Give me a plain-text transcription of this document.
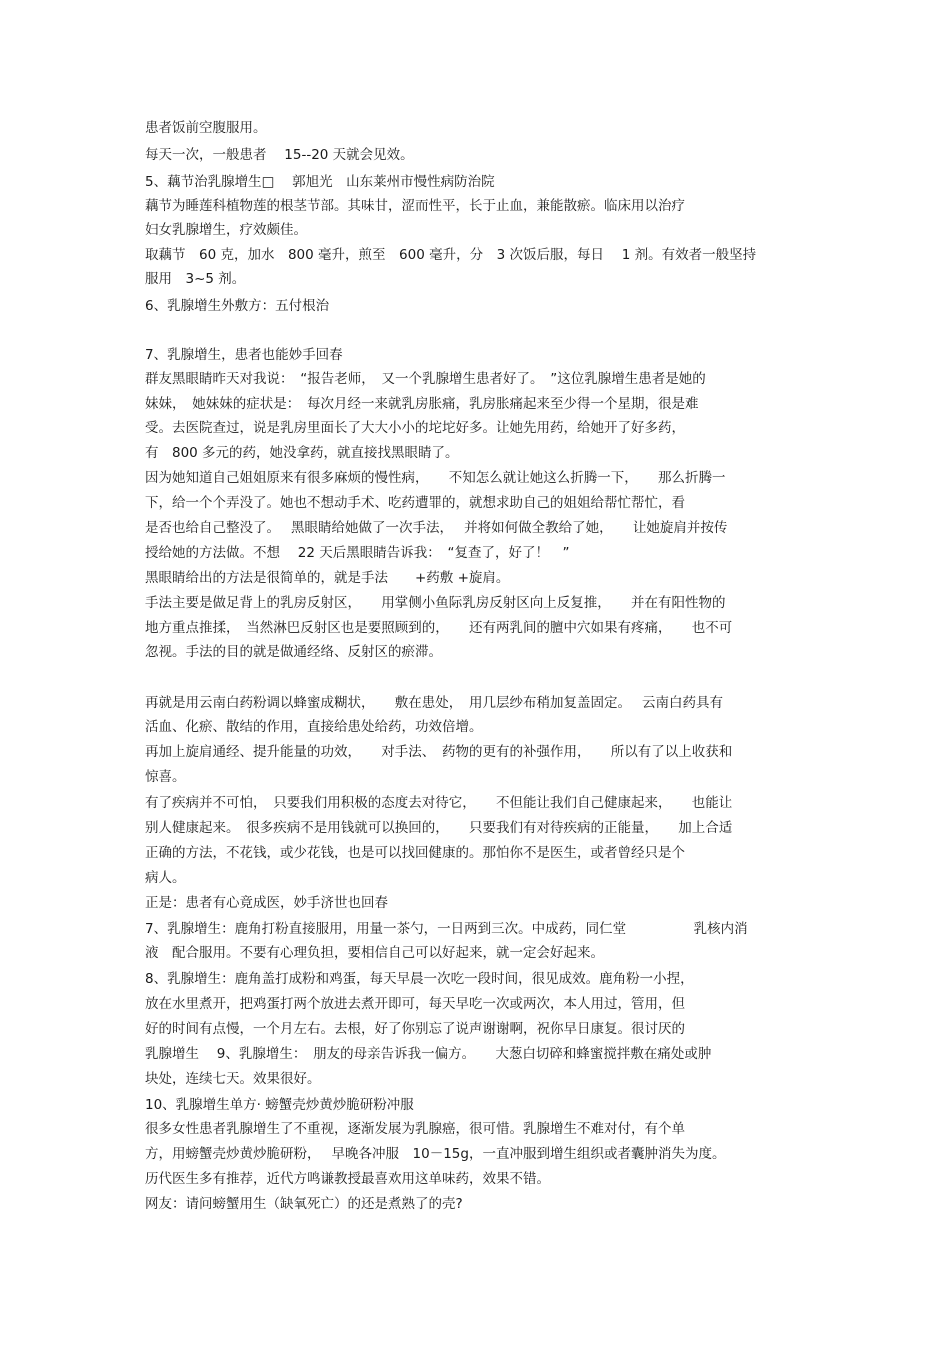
患者饭前空腹服用。
每天一次，一般患者　 15--20 天就会见效。
5、藕节治乳腺增生□　 郭旭光　山东莱州市慢性病防治院
藕节为睡莲科植物莲的根茎节部。其味甘，涩而性平，长于止血，兼能散瘀。临床用以治疗
妇女乳腺增生，疗效颇佳。
取藕节　60 克，加水　800 毫升，煎至　600 毫升，分　3 次饭后服，每日　 1 剂。有效者一般坚持
服用　3~5 剂。
6、乳腺增生外敷方：五付根治
7、乳腺增生，患者也能妙手回春
群友黑眼睛昨天对我说：　“报告老师，　又一个乳腺增生患者好了。　”这位乳腺增生患者是她的
妹妹，　她妹妹的症状是：　每次月经一来就乳房胀痛，乳房胀痛起来至少得一个星期，很是难
受。去医院查过，说是乳房里面长了大大小小的坨坨好多。让她先用药，给她开了好多药，
有　800 多元的药，她没拿药，就直接找黑眼睛了。
因为她知道自己姐姐原来有很多麻烦的慢性病，　　不知怎么就让她这么折腾一下，　　那么折腾一
下，给一个个弄没了。她也不想动手术、吃药遭罪的，就想求助自己的姐姐给帮忙帮忙，看
是否也给自己整没了。　 黑眼睛给她做了一次手法，　 并将如何做全教给了她，　　让她旋肩并按传
授给她的方法做。不想　 22 天后黑眼睛告诉我：　“复查了，好了！　”
黑眼睛给出的方法是很简单的，就是手法　　+药敷 +旋肩。
手法主要是做足背上的乳房反射区，　　用掌侧小鱼际乳房反射区向上反复推，　　并在有阳性物的
地方重点推揉，　当然淋巴反射区也是要照顾到的，　　还有两乳间的膻中穴如果有疼痛，　　也不可
忽视。手法的目的就是做通经络、反射区的瘀滞。
再就是用云南白药粉调以蜂蜜成糊状，　　敷在患处，　用几层纱布稍加复盖固定。　 云南白药具有
活血、化瘀、散结的作用，直接给患处给药，功效倍增。
再加上旋肩通经、提升能量的功效，　　对手法、　药物的更有的补强作用，　　所以有了以上收获和
惊喜。
有了疾病并不可怕，　只要我们用积极的态度去对待它，　　不但能让我们自己健康起来，　　也能让
别人健康起来。　很多疾病不是用钱就可以换回的，　　只要我们有对待疾病的正能量，　　加上合适
正确的方法，不花钱，或少花钱，也是可以找回健康的。那怕你不是医生，或者曾经只是个
病人。
正是：患者有心竟成医，妙手济世也回春
7、乳腺增生：鹿角打粉直接服用，用量一茶勺，一日两到三次。中成药，同仁堂　　　　　乳核内消
液　配合服用。不要有心理负担，要相信自己可以好起来，就一定会好起来。
8、乳腺增生：鹿角盖打成粉和鸡蛋，每天早晨一次吃一段时间，很见成效。鹿角粉一小捏，
放在水里煮开，把鸡蛋打两个放进去煮开即可，每天早吃一次或两次，本人用过，管用，但
好的时间有点慢，一个月左右。去根，好了你别忘了说声谢谢啊，祝你早日康复。很讨厌的
乳腺增生　 9、乳腺增生：　朋友的母亲告诉我一偏方。　　大葱白切碎和蜂蜜搅拌敷在痛处或肿
块处，连续七天。效果很好。
10、乳腺增生单方· 螃蟹壳炒黄炒脆研粉冲服
很多女性患者乳腺增生了不重视，逐渐发展为乳腺癌，很可惜。乳腺增生不难对付，有个单
方，用螃蟹壳炒黄炒脆研粉，　 早晚各冲服　10－15g，一直冲服到增生组织或者囊肿消失为度。
历代医生多有推荐，近代方鸣谦教授最喜欢用这单味药，效果不错。
网友：请问螃蟹用生（缺氧死亡）的还是煮熟了的壳?
